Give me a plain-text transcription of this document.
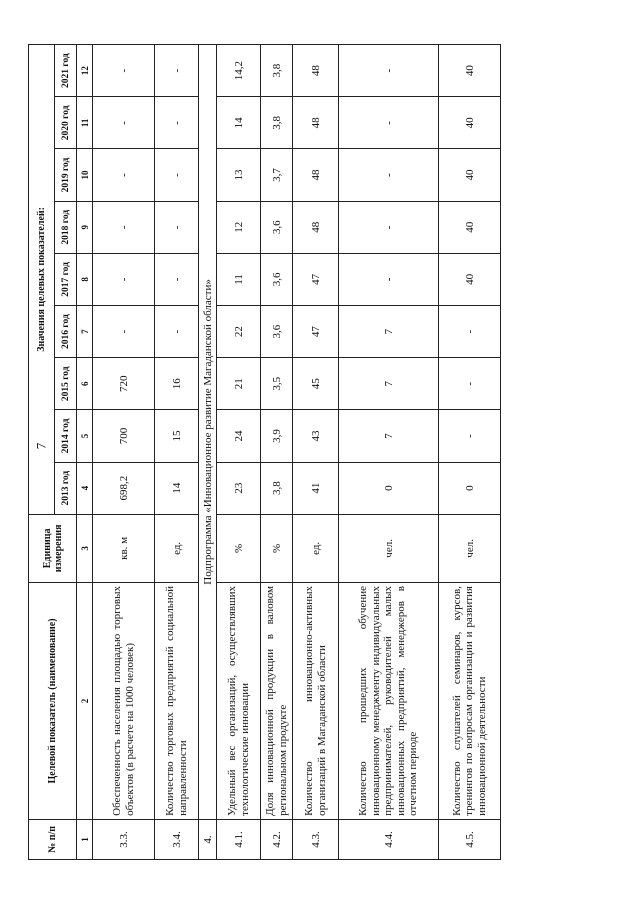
7
№ п/п	Целевой показатель (наименование)	Единица измерения	Значения целевых показателей:								
			2013 год	2014 год	2015 год	2016 год	2017 год	2018 год	2019 год	2020 год	2021 год
1	2	3	4	5	6	7	8	9	10	11	12
3.3.	Обеспеченность населения площадью торговых объектов (в расчете на 1000 человек)	кв. м	698,2	700	720	-	-	-	-	-	-
3.4.	Количество торговых предприятий социальной направленности	ед.	14	15	16	-	-	-	-	-	-
4.	Подпрограмма «Инновационное развитие Магаданской области»										
4.1.	Удельный вес организаций, осуществлявших технологические инновации	%	23	24	21	22	11	12	13	14	14,2
4.2.	Доля инновационной продукции в валовом региональном продукте	%	3,8	3,9	3,5	3,6	3,6	3,6	3,7	3,8	3,8
4.3.	Количество инновационно-активных организаций в Магаданской области	ед.	41	43	45	47	47	48	48	48	48
4.4.	Количество прошедших обучение инновационному менеджменту индивидуальных предпринимателей, руководителей малых инновационных предприятий, менеджеров в отчетном периоде	чел.	0	7	7	7	-	-	-	-	-
4.5.	Количество слушателей семинаров, курсов, тренингов по вопросам организации и развития инновационной деятельности	чел.	0	-	-	-	40	40	40	40	40
